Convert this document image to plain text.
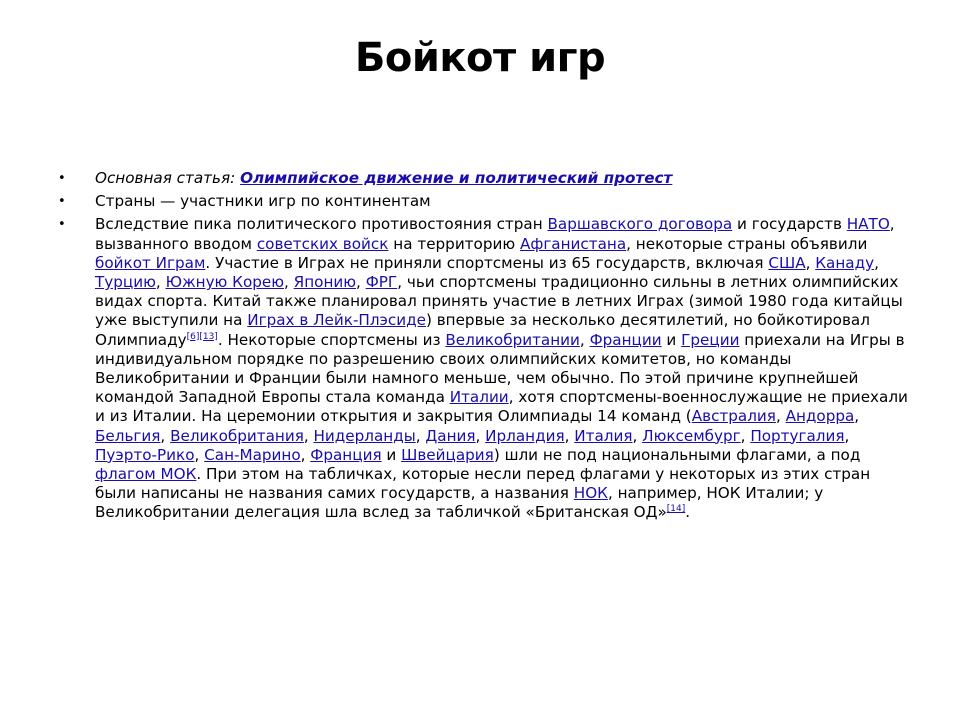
Бойкот игр
• Основная статья: Олимпийское движение и политический протест
• Страны — участники игр по континентам
• Вследствие пика политического противостояния стран Варшавского договора и государств НАТО, вызванного вводом советских войск на территорию Афганистана, некоторые страны объявили бойкот Играм. Участие в Играх не приняли спортсмены из 65 государств, включая США, Канаду, Турцию, Южную Корею, Японию, ФРГ, чьи спортсмены традиционно сильны в летних олимпийских видах спорта. Китай также планировал принять участие в летних Играх (зимой 1980 года китайцы уже выступили на Играх в Лейк-Плэсиде) впервые за несколько десятилетий, но бойкотировал Олимпиаду[6][13]. Некоторые спортсмены из Великобритании, Франции и Греции приехали на Игры в индивидуальном порядке по разрешению своих олимпийских комитетов, но команды Великобритании и Франции были намного меньше, чем обычно. По этой причине крупнейшей командой Западной Европы стала команда Италии, хотя спортсмены-военнослужащие не приехали и из Италии. На церемонии открытия и закрытия Олимпиады 14 команд (Австралия, Андорра, Бельгия, Великобритания, Нидерланды, Дания, Ирландия, Италия, Люксембург, Португалия, Пуэрто-Рико, Сан-Марино, Франция и Швейцария) шли не под национальными флагами, а под флагом МОК. При этом на табличках, которые несли перед флагами у некоторых из этих стран были написаны не названия самих государств, а названия НОК, например, НОК Италии; у Великобритании делегация шла вслед за табличкой «Британская ОД»[14].
